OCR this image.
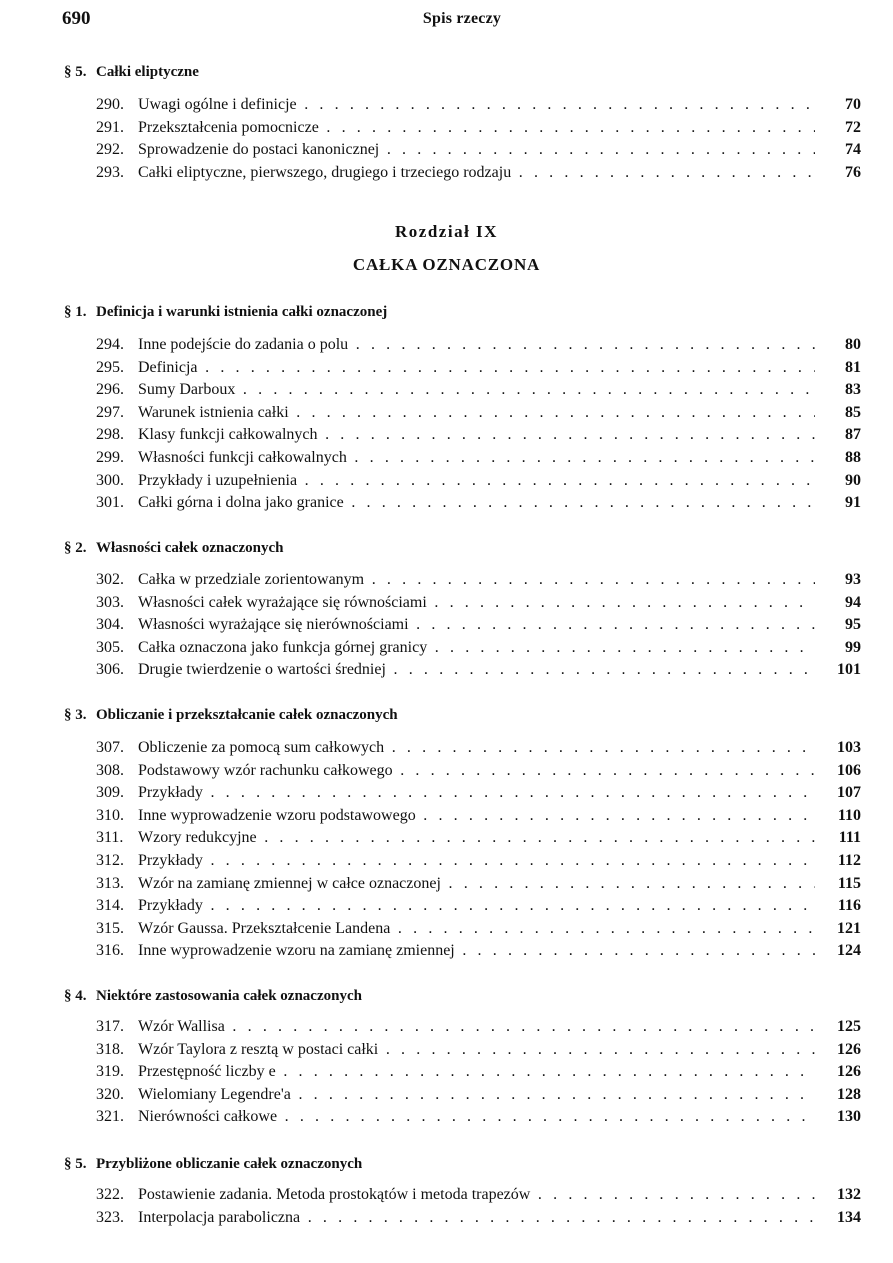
690	Spis rzeczy
Rozdział IX
CAŁKA OZNACZONA
§ 5. Całki eliptyczne
290. Uwagi ogólne i definicje . . .	70
291. Przekształcenia pomocnicze . . .	72
292. Sprowadzenie do postaci kanonicznej . . .	74
293. Całki eliptyczne, pierwszego, drugiego i trzeciego rodzaju . . .	76
§ 1. Definicja i warunki istnienia całki oznaczonej
294. Inne podejście do zadania o polu . . .	80
295. Definicja . . .	81
296. Sumy Darboux . . .	83
297. Warunek istnienia całki . . .	85
298. Klasy funkcji całkowalnych . . .	87
299. Własności funkcji całkowalnych . . .	88
300. Przykłady i uzupełnienia . . .	90
301. Całki górna i dolna jako granice . . .	91
§ 2. Własności całek oznaczonych
302. Całka w przedziale zorientowanym . . .	93
303. Własności całek wyrażające się równościami . . .	94
304. Własności wyrażające się nierównościami . . .	95
305. Całka oznaczona jako funkcja górnej granicy . . .	99
306. Drugie twierdzenie o wartości średniej . . .	101
§ 3. Obliczanie i przekształcanie całek oznaczonych
307. Obliczenie za pomocą sum całkowych . . .	103
308. Podstawowy wzór rachunku całkowego . . .	106
309. Przykłady . . .	107
310. Inne wyprowadzenie wzoru podstawowego . . .	110
311. Wzory redukcyjne . . .	111
312. Przykłady . . .	112
313. Wzór na zamianę zmiennej w całce oznaczonej . . .	115
314. Przykłady . . .	116
315. Wzór Gaussa. Przekształcenie Landena . . .	121
316. Inne wyprowadzenie wzoru na zamianę zmiennej . . .	124
§ 4. Niektóre zastosowania całek oznaczonych
317. Wzór Wallisa . . .	125
318. Wzór Taylora z resztą w postaci całki . . .	126
319. Przestępność liczby e . . .	126
320. Wielomiany Legendre'a . . .	128
321. Nierówności całkowe . . .	130
§ 5. Przybliżone obliczanie całek oznaczonych
322. Postawienie zadania. Metoda prostokątów i metoda trapezów . . .	132
323. Interpolacja paraboliczna . . .	134
